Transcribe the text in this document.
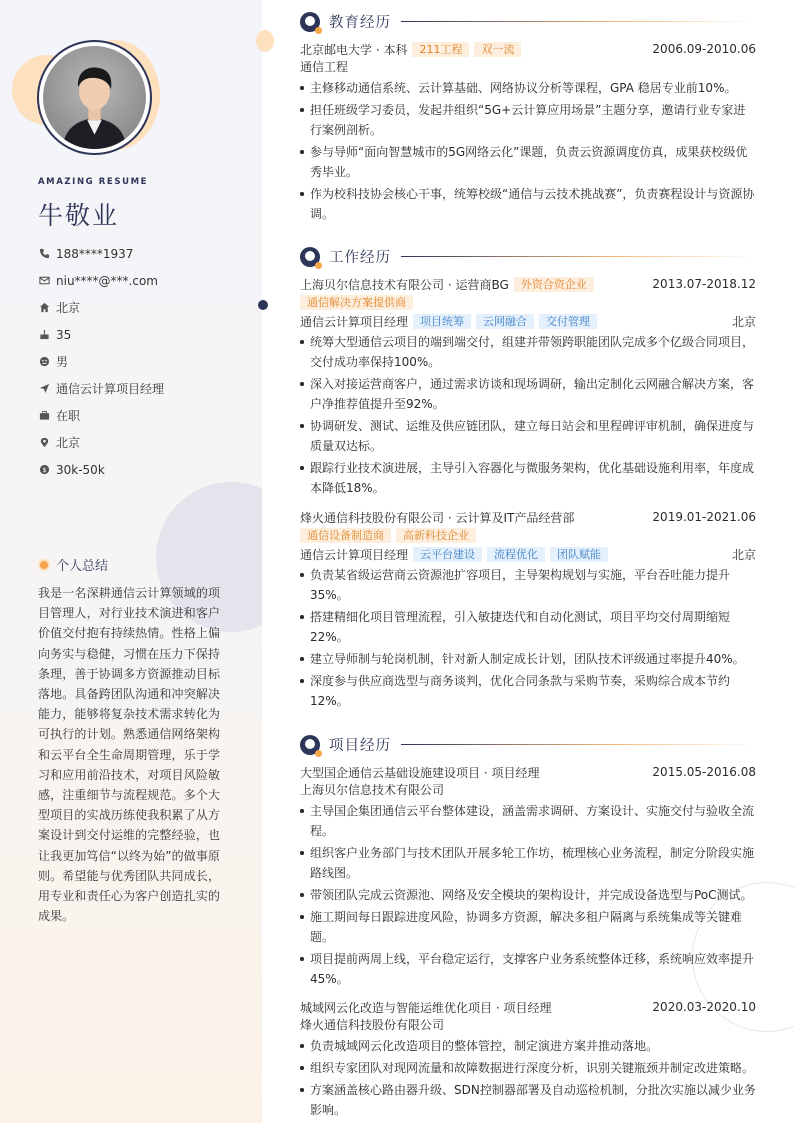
AMAZING RESUME
牛敬业
188****1937
niu****@***.com
北京
35
男
通信云计算项目经理
在职
北京
$ 30k-50k
个人总结
我是一名深耕通信云计算领域的项目管理人，对行业技术演进和客户价值交付抱有持续热情。性格上偏向务实与稳健，习惯在压力下保持条理，善于协调多方资源推动目标落地。具备跨团队沟通和冲突解决能力，能够将复杂技术需求转化为可执行的计划。熟悉通信网络架构和云平台全生命周期管理，乐于学习和应用前沿技术，对项目风险敏感，注重细节与流程规范。多个大型项目的实战历练使我积累了从方案设计到交付运维的完整经验，也让我更加笃信“以终为始”的做事原则。希望能与优秀团队共同成长，用专业和责任心为客户创造扎实的成果。
教育经历
北京邮电大学 · 本科	211工程	双一流	2006.09-2010.06
通信工程
主修移动通信系统、云计算基础、网络协议分析等课程，GPA 稳居专业前10%。
担任班级学习委员，发起并组织“5G+云计算应用场景”主题分享，邀请行业专家进行案例剖析。
参与导师“面向智慧城市的5G网络云化”课题，负责云资源调度仿真，成果获校级优秀毕业。
作为校科技协会核心干事，统筹校级“通信与云技术挑战赛”，负责赛程设计与资源协调。
工作经历
上海贝尔信息技术有限公司 · 运营商BG	外资合资企业	2013.07-2018.12
通信解决方案提供商
通信云计算项目经理	项目统筹	云网融合	交付管理	北京
统筹大型通信云项目的端到端交付，组建并带领跨职能团队完成多个亿级合同项目，交付成功率保持100%。
深入对接运营商客户，通过需求访谈和现场调研，输出定制化云网融合解决方案，客户净推荐值提升至92%。
协调研发、测试、运维及供应链团队，建立每日站会和里程碑评审机制，确保进度与质量双达标。
跟踪行业技术演进展，主导引入容器化与微服务架构，优化基础设施利用率，年度成本降低18%。
烽火通信科技股份有限公司 · 云计算及IT产品经营部	2019.01-2021.06
通信设备制造商	高新科技企业
通信云计算项目经理	云平台建设	流程优化	团队赋能	北京
负责某省级运营商云资源池扩容项目，主导架构规划与实施，平台吞吐能力提升35%。
搭建精细化项目管理流程，引入敏捷迭代和自动化测试，项目平均交付周期缩短22%。
建立导师制与轮岗机制，针对新人制定成长计划，团队技术评级通过率提升40%。
深度参与供应商选型与商务谈判，优化合同条款与采购节奏，采购综合成本节约12%。
项目经历
大型国企通信云基础设施建设项目 · 项目经理	2015.05-2016.08
上海贝尔信息技术有限公司
主导国企集团通信云平台整体建设，涵盖需求调研、方案设计、实施交付与验收全流程。
组织客户业务部门与技术团队开展多轮工作坊，梳理核心业务流程，制定分阶段实施路线图。
带领团队完成云资源池、网络及安全模块的架构设计，并完成设备选型与PoC测试。
施工期间每日跟踪进度风险，协调多方资源，解决多租户隔离与系统集成等关键难题。
项目提前两周上线，平台稳定运行，支撑客户业务系统整体迁移，系统响应效率提升45%。
城域网云化改造与智能运维优化项目 · 项目经理	2020.03-2020.10
烽火通信科技股份有限公司
负责城域网云化改造项目的整体管控，制定演进方案并推动落地。
组织专家团队对现网流量和故障数据进行深度分析，识别关键瓶颈并制定改进策略。
方案涵盖核心路由器升级、SDN控制器部署及自动巡检机制，分批次实施以减少业务影响。
